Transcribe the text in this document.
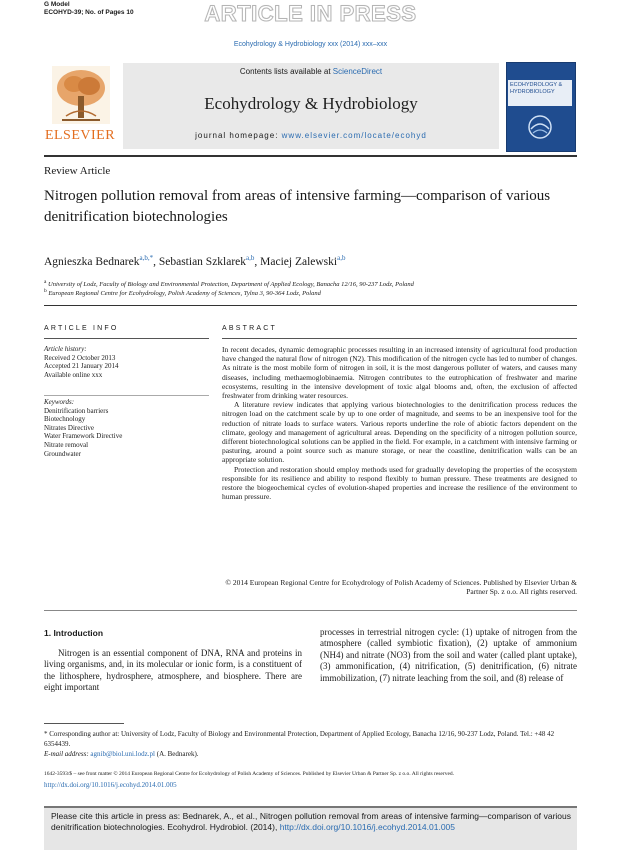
G Model
ECOHYD-39; No. of Pages 10	ARTICLE IN PRESS
Ecohydrology & Hydrobiology xxx (2014) xxx–xxx
ELSEVIER
Contents lists available at ScienceDirect
Ecohydrology & Hydrobiology
journal homepage: www.elsevier.com/locate/ecohyd
ECOHYDROLOGY & HYDROBIOLOGY
Review Article
Nitrogen pollution removal from areas of intensive farming—comparison of various denitrification biotechnologies
Agnieszka Bednarek$^{a,b,*}$, Sebastian Szklarek$^{a,b}$, Maciej Zalewski$^{a,b}$
$^a$ University of Lodz, Faculty of Biology and Environmental Protection, Department of Applied Ecology, Banacha 12/16, 90-237 Lodz, Poland
$^b$ European Regional Centre for Ecohydrology, Polish Academy of Sciences, Tylna 3, 90-364 Lodz, Poland
ARTICLE INFO
Article history:
Received 2 October 2013
Accepted 21 January 2014
Available online xxx
Keywords:
Denitrification barriers
Biotechnology
Nitrates Directive
Water Framework Directive
Nitrate removal
Groundwater
ABSTRACT

In recent decades, dynamic demographic processes resulting in an increased intensity of agricultural food production have changed the natural flow of nitrogen (N2). This modification of the nitrogen cycle has led to number of changes. As nitrate is the most mobile form of nitrogen in soil, it is the most dangerous polluter of waters, and causes many diseases, including methaemoglobinaemia. Nitrogen contributes to the eutrophication of freshwater and marine ecosystems, resulting in the intensive development of toxic algal blooms and, often, the exclusion of affected freshwater from drinking water resources.

A literature review indicates that applying various biotechnologies to the denitrification process reduces the nitrogen load on the catchment scale by up to one order of magnitude, and seems to be an inexpensive tool for the reduction of nitrate loads to surface waters. Various reports underline the role of abiotic factors dependent on the climate, geology and management of agricultural areas. Depending on the specificity of a nitrogen pollution source, different biotechnological solutions can be applied in the field. For example, in a catchment with intensive farming or pasturing, around a point source such as manure storage, or near the coastline, denitrification walls can be an appropriate solution.

Protection and restoration should employ methods used for gradually developing the properties of the ecosystem responsible for its resilience and ability to respond flexibly to human pressure. These treatments are designed to restore the biogeochemical cycles of evolution-shaped properties and increase the resilience of the environment to human pressure.

© 2014 European Regional Centre for Ecohydrology of Polish Academy of Sciences. Published by Elsevier Urban & Partner Sp. z o.o. All rights reserved.
1. Introduction
Nitrogen is an essential component of DNA, RNA and proteins in living organisms, and, in its molecular or ionic form, is a constituent of the lithosphere, hydrosphere, atmosphere, and biosphere. There are eight important
processes in terrestrial nitrogen cycle: (1) uptake of nitrogen from the atmosphere (called symbiotic fixation), (2) uptake of ammonium (NH4) and nitrate (NO3) from the soil and water (called plant uptake), (3) ammonification, (4) nitrification, (5) denitrification, (6) nitrate immobilization, (7) nitrate leaching from the soil, and (8) release of
* Corresponding author at: University of Lodz, Faculty of Biology and Environmental Protection, Department of Applied Ecology, Banacha 12/16, 90-237 Lodz, Poland. Tel.: +48 42 6354439.
E-mail address: agnib@biol.uni.lodz.pl (A. Bednarek).
1642-3593/$ – see front matter © 2014 European Regional Centre for Ecohydrology of Polish Academy of Sciences. Published by Elsevier Urban & Partner Sp. z o.o. All rights reserved.
http://dx.doi.org/10.1016/j.ecohyd.2014.01.005
Please cite this article in press as: Bednarek, A., et al., Nitrogen pollution removal from areas of intensive farming—comparison of various denitrification biotechnologies. Ecohydrol. Hydrobiol. (2014), http://dx.doi.org/10.1016/j.ecohyd.2014.01.005
